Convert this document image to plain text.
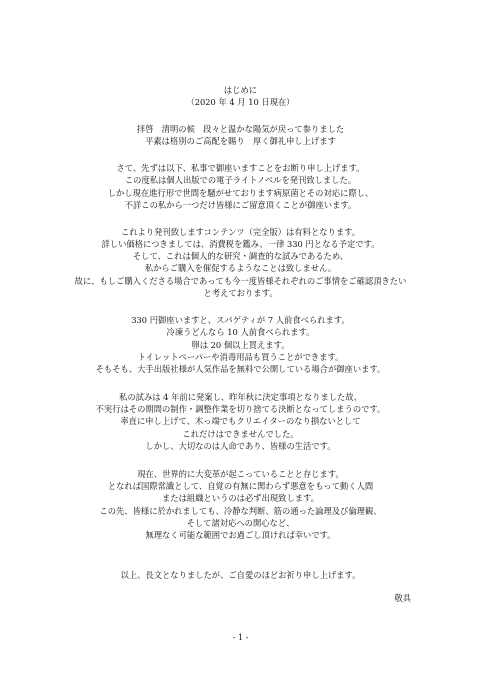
はじめに
（2020 年 4 月 10 日現在）
拝啓　清明の候　段々と温かな陽気が戻って参りました
平素は格別のご高配を賜り　厚く御礼申し上げます
さて、先ずは以下、私事で御座いますことをお断り申し上げます。
この度私は個人出版での電子ライトノベルを発刊致しました。
しかし現在進行形で世間を騒がせております病原菌とその対応に際し、
不詳この私から一つだけ皆様にご留意頂くことが御座います。
これより発刊致しますコンテンツ（完全版）は有料となります。
詳しい価格につきましては、消費税を鑑み、一律 330 円となる予定です。
そして、これは個人的な研究・調査的な試みであるため、
私からご購入を催促するようなことは致しません。
故に、もしご購入くださる場合であっても今一度皆様それぞれのご事情をご確認頂きたい
と考えております。
330 円御座いますと、スパゲティが 7 人前食べられます。
冷凍うどんなら 10 人前食べられます。
卵は 20 個以上買えます。
トイレットペーパーや消毒用品も買うことができます。
そもそも、大手出版社様が人気作品を無料で公開している場合が御座います。
私の試みは 4 年前に発案し、昨年秋に決定事項となりました故、
不実行はその期間の制作・調整作業を切り捨てる決断となってしまうのです。
率直に申し上げて、木っ端でもクリエイターのなり損ないとして
これだけはできませんでした。
しかし、大切なのは人命であり、皆様の生活です。
現在、世界的に大変革が起こっていることと存じます。
となれば国際常識として、自覚の有無に関わらず悪意をもって動く人間
または組織というのは必ず出現致します。
この先、皆様に於かれましても、冷静な判断、筋の通った論理及び倫理観、
そして諸対応への開心など、
無理なく可能な範囲でお過ごし頂ければ幸いです。
以上、長文となりましたが、ご自愛のほどお祈り申し上げます。
敬具
- 1 -
